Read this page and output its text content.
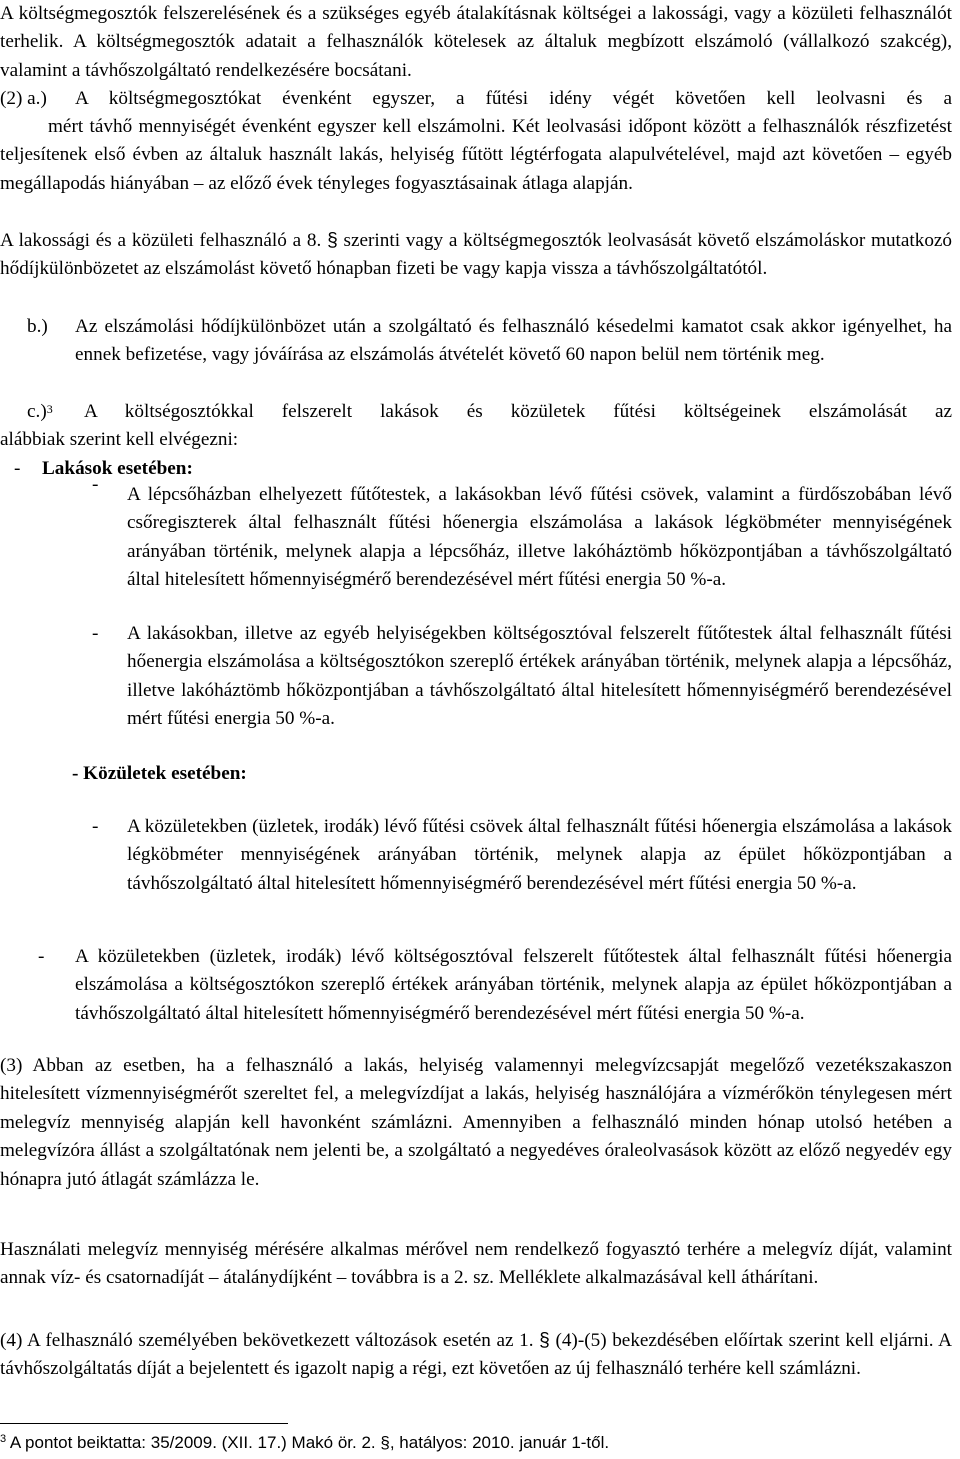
A költségmegosztók felszerelésének és a szükséges egyéb átalakításnak költségei a lakossági, vagy a közületi felhasználót terhelik. A költségmegosztók adatait a felhasználók kötelesek az általuk megbízott elszámoló (vállalkozó szakcég), valamint a távhőszolgáltató rendelkezésére bocsátani.

(2) a.) A költségmegosztókat évenként egyszer, a fűtési idény végét követően kell leolvasni és a

mért távhő mennyiségét évenként egyszer kell elszámolni. Két leolvasási időpont között a felhasználók részfizetést teljesítenek első évben az általuk használt lakás, helyiség fűtött légtérfogata alapulvételével, majd azt követően – egyéb megállapodás hiányában – az előző évek tényleges fogyasztásainak átlaga alapján.

A lakossági és a közületi felhasználó a 8. § szerinti vagy a költségmegosztók leolvasását követő elszámoláskor mutatkozó hődíjkülönbözetet az elszámolást követő hónapban fizeti be vagy kapja vissza a távhőszolgáltatótól.

b.) Az elszámolási hődíjkülönbözet után a szolgáltató és felhasználó késedelmi kamatot csak akkor igényelhet, ha ennek befizetése, vagy jóváírása az elszámolás átvételét követő 60 napon belül nem történik meg.
c.)$^3$ A költségosztókkal felszerelt lakások és közületek fűtési költségeinek elszámolását az

alábbiak szerint kell elvégezni:

- Lakások esetében:
- A lépcsőházban elhelyezett fűtőtestek, a lakásokban lévő fűtési csövek, valamint a fürdőszobában lévő csőregiszterek által felhasznált fűtési hőenergia elszámolása a lakások légköbméter mennyiségének arányában történik, melynek alapja a lépcsőház, illetve lakóháztömb hőközpontjában a távhőszolgáltató által hitelesített hőmennyiségmérő berendezésével mért fűtési energia 50 %-a.
- A lakásokban, illetve az egyéb helyiségekben költségosztóval felszerelt fűtőtestek által felhasznált fűtési hőenergia elszámolása a költségosztókon szereplő értékek arányában történik, melynek alapja a lépcsőház, illetve lakóháztömb hőközpontjában a távhőszolgáltató által hitelesített hőmennyiségmérő berendezésével mért fűtési energia 50 %-a.

- Közületek esetében:

- A közületekben (üzletek, irodák) lévő fűtési csövek által felhasznált fűtési hőenergia elszámolása a lakások légköbméter mennyiségének arányában történik, melynek alapja az épület hőközpontjában a távhőszolgáltató által hitelesített hőmennyiségmérő berendezésével mért fűtési energia 50 %-a.
- A közületekben (üzletek, irodák) lévő költségosztóval felszerelt fűtőtestek által felhasznált fűtési hőenergia elszámolása a költségosztókon szereplő értékek arányában történik, melynek alapja az épület hőközpontjában a távhőszolgáltató által hitelesített hőmennyiségmérő berendezésével mért fűtési energia 50 %-a.

(3) Abban az esetben, ha a felhasználó a lakás, helyiség valamennyi melegvízcsapját megelőző vezetékszakaszon hitelesített vízmennyiségmérőt szereltet fel, a melegvízdíjat a lakás, helyiség használójára a vízmérőkön ténylegesen mért melegvíz mennyiség alapján kell havonként számlázni. Amennyiben a felhasználó minden hónap utolsó hetében a melegvízóra állást a szolgáltatónak nem jelenti be, a szolgáltató a negyedéves óraleolvasások között az előző negyedév egy hónapra jutó átlagát számlázza le.

Használati melegvíz mennyiség mérésére alkalmas mérővel nem rendelkező fogyasztó terhére a melegvíz díját, valamint annak víz- és csatornadíját – átalánydíjként – továbbra is a 2. sz. Melléklete alkalmazásával kell áthárítani.

(4) A felhasználó személyében bekövetkezett változások esetén az 1. § (4)-(5) bekezdésében előírtak szerint kell eljárni. A távhőszolgáltatás díját a bejelentett és igazolt napig a régi, ezt követően az új felhasználó terhére kell számlázni.

$^3$ A pontot beiktatta: 35/2009. (XII. 17.) Makó ör. 2. §, hatályos: 2010. január 1-től.
